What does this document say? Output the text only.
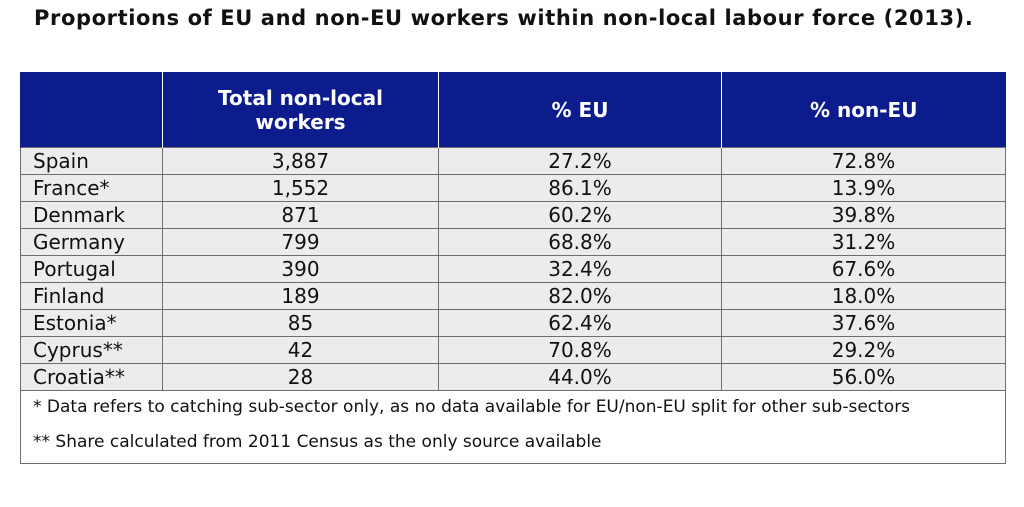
Proportions of EU and non-EU workers within non-local labour force (2013).

	Total non-local workers	% EU	% non-EU
Spain	3,887	27.2%	72.8%
France*	1,552	86.1%	13.9%
Denmark	871	60.2%	39.8%
Germany	799	68.8%	31.2%
Portugal	390	32.4%	67.6%
Finland	189	82.0%	18.0%
Estonia*	85	62.4%	37.6%
Cyprus**	42	70.8%	29.2%
Croatia**	28	44.0%	56.0%

* Data refers to catching sub-sector only, as no data available for EU/non-EU split for other sub-sectors

** Share calculated from 2011 Census as the only source available			
